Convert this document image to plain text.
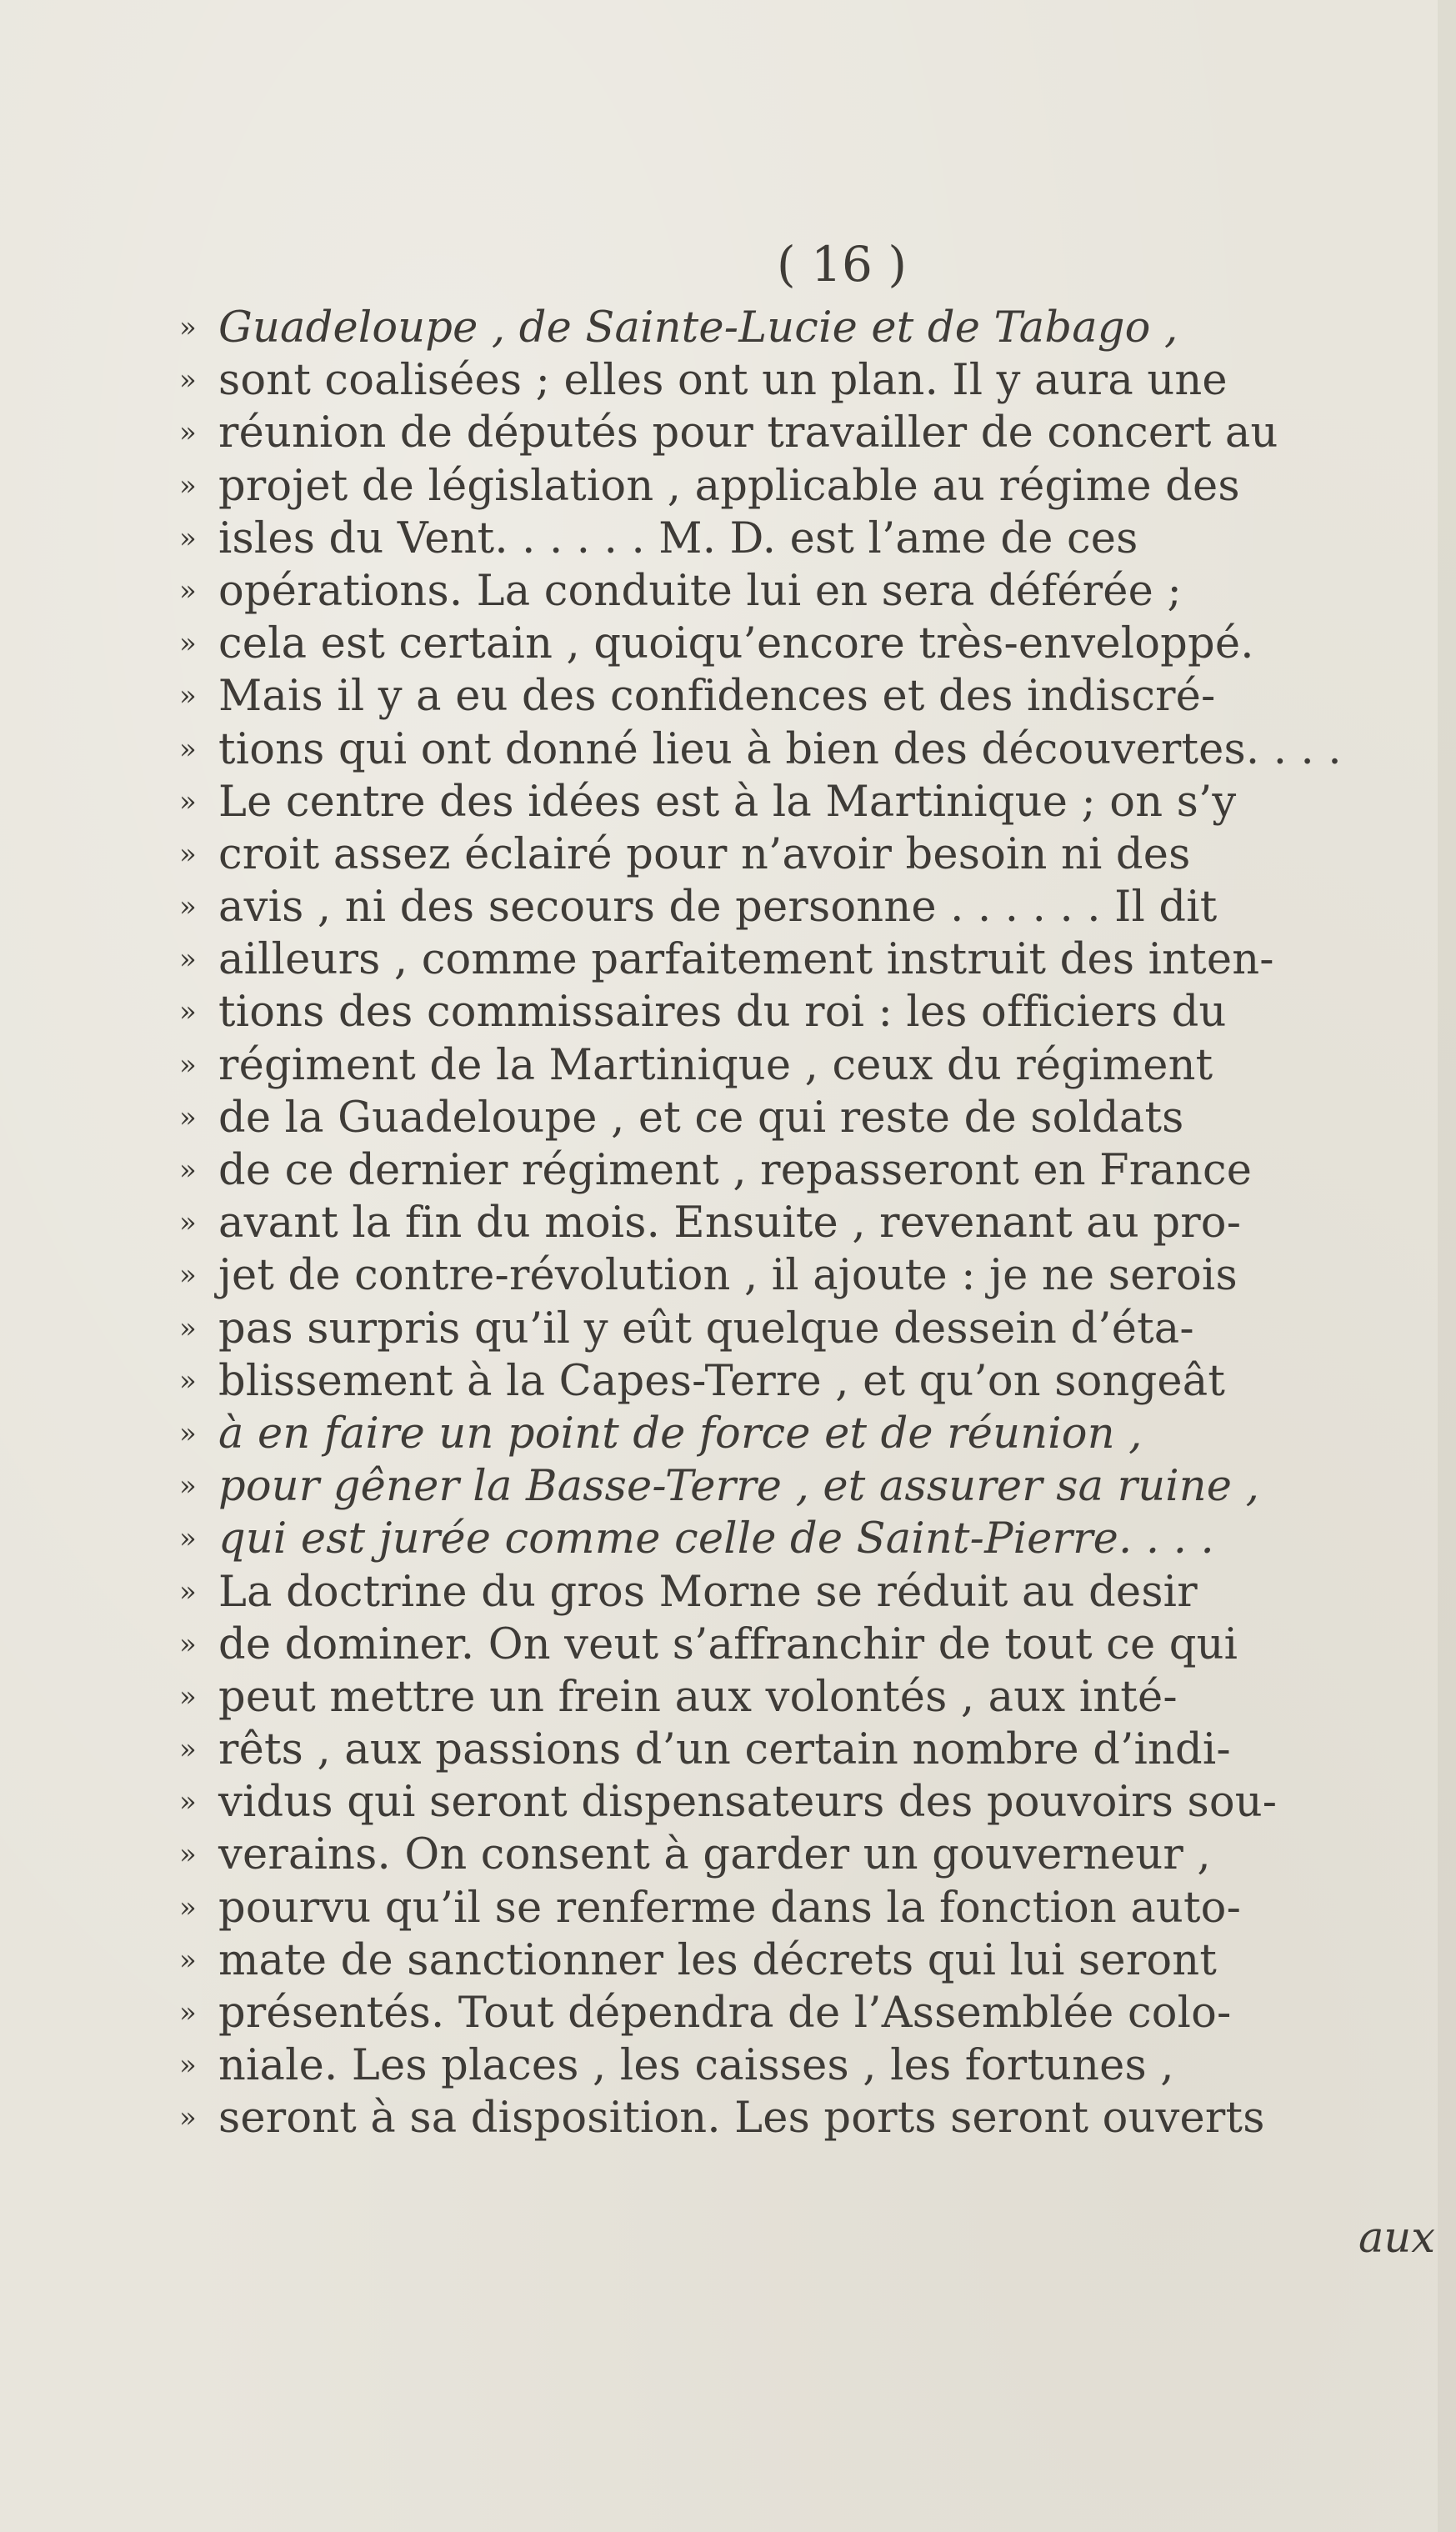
( 16 )
» Guadeloupe , de Sainte-Lucie et de Tabago ,
» sont coalisées ; elles ont un plan. Il y aura une
» réunion de députés pour travailler de concert au
» projet de législation , applicable au régime des
» isles du Vent. . . . . . M. D. est l’ame de ces
» opérations. La conduite lui en sera déférée ;
» cela est certain , quoiqu’encore très-enveloppé.
» Mais il y a eu des confidences et des indiscré-
» tions qui ont donné lieu à bien des découvertes. . . .
» Le centre des idées est à la Martinique ; on s’y
» croit assez éclairé pour n’avoir besoin ni des
» avis , ni des secours de personne . . . . . . Il dit
» ailleurs , comme parfaitement instruit des inten-
» tions des commissaires du roi : les officiers du
» régiment de la Martinique , ceux du régiment
» de la Guadeloupe , et ce qui reste de soldats
» de ce dernier régiment , repasseront en France
» avant la fin du mois. Ensuite , revenant au pro-
» jet de contre-révolution , il ajoute : je ne serois
» pas surpris qu’il y eût quelque dessein d’éta-
» blissement à la Capes-Terre , et qu’on songeât
» à en faire un point de force et de réunion ,
» pour gêner la Basse-Terre , et assurer sa ruine ,
» qui est jurée comme celle de Saint-Pierre. . . .
» La doctrine du gros Morne se réduit au desir
» de dominer. On veut s’affranchir de tout ce qui
» peut mettre un frein aux volontés , aux inté-
» rêts , aux passions d’un certain nombre d’indi-
» vidus qui seront dispensateurs des pouvoirs sou-
» verains. On consent à garder un gouverneur ,
» pourvu qu’il se renferme dans la fonction auto-
» mate de sanctionner les décrets qui lui seront
» présentés. Tout dépendra de l’Assemblée colo-
» niale. Les places , les caisses , les fortunes ,
» seront à sa disposition. Les ports seront ouverts
aux
